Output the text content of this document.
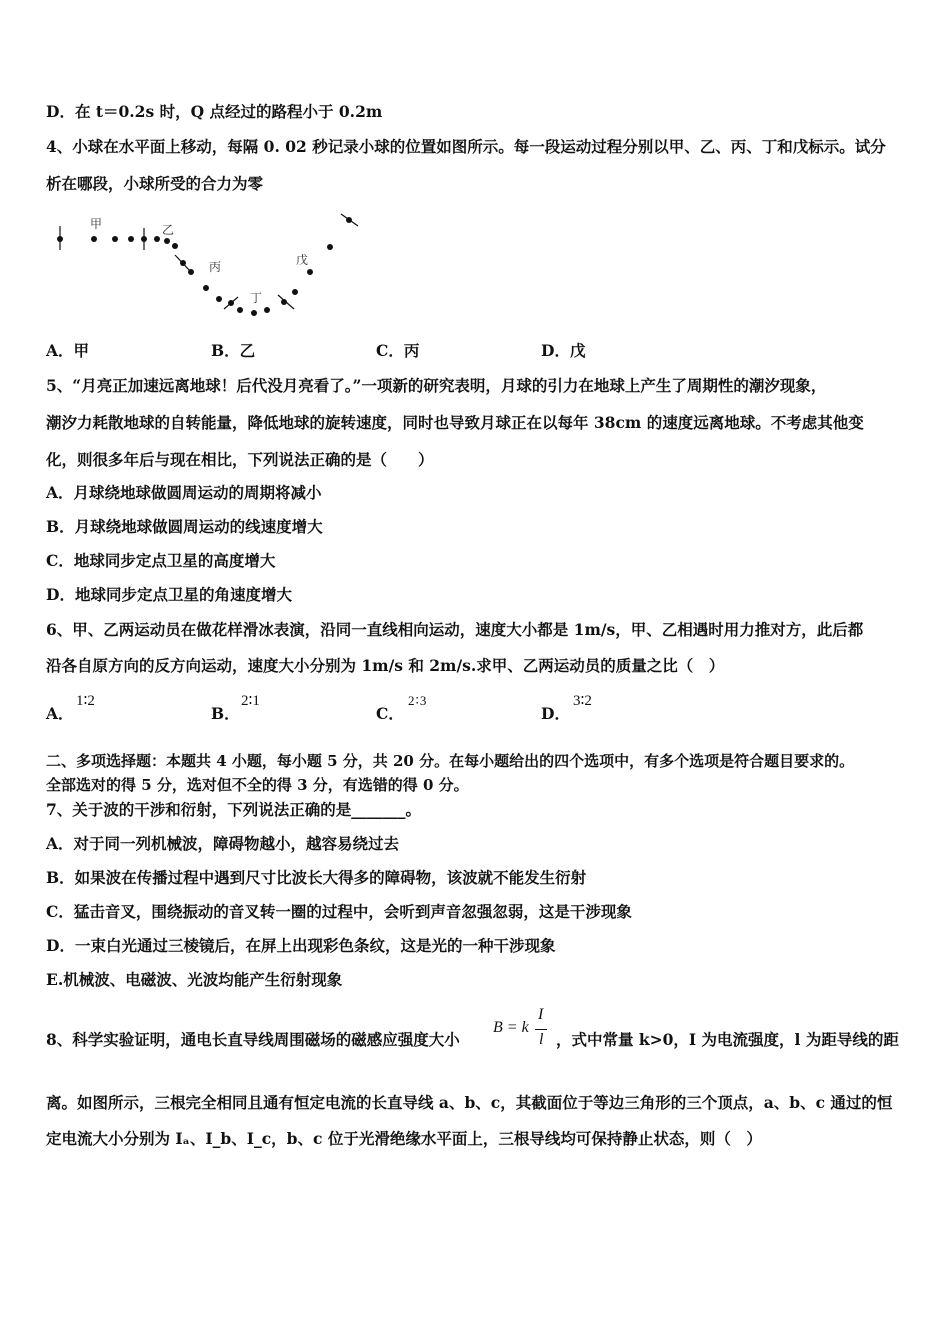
D．在 t＝0.2s 时，Q 点经过的路程小于 0.2m
4、小球在水平面上移动，每隔 0. 02 秒记录小球的位置如图所示。每一段运动过程分别以甲、乙、丙、丁和戊标示。试分
析在哪段，小球所受的合力为零
甲	乙
丙
丁
戊
A．甲	B．乙	C．丙	D．戊
5、“月亮正加速远离地球！后代没月亮看了。”一项新的研究表明，月球的引力在地球上产生了周期性的潮汐现象，
潮汐力耗散地球的自转能量，降低地球的旋转速度，同时也导致月球正在以每年 38cm 的速度远离地球。不考虑其他变
化，则很多年后与现在相比，下列说法正确的是（　　）
A．月球绕地球做圆周运动的周期将减小
B．月球绕地球做圆周运动的线速度增大
C．地球同步定点卫星的高度增大
D．地球同步定点卫星的角速度增大
6、甲、乙两运动员在做花样滑冰表演，沿同一直线相向运动，速度大小都是 1m/s，甲、乙相遇时用力推对方，此后都
沿各自原方向的反方向运动，速度大小分别为 1m/s 和 2m/s.求甲、乙两运动员的质量之比（　）
A．
1∶2
B．
2∶1
C．
2∶3
D．
3∶2
二、多项选择题：本题共 4 小题，每小题 5 分，共 20 分。在每小题给出的四个选项中，有多个选项是符合题目要求的。
全部选对的得 5 分，选对但不全的得 3 分，有选错的得 0 分。
7、关于波的干涉和衍射，下列说法正确的是_______。
A．对于同一列机械波，障碍物越小，越容易绕过去
B．如果波在传播过程中遇到尺寸比波长大得多的障碍物，该波就不能发生衍射
C．猛击音叉，围绕振动的音叉转一圈的过程中，会听到声音忽强忽弱，这是干涉现象
D．一束白光通过三棱镜后，在屏上出现彩色条纹，这是光的一种干涉现象
E.机械波、电磁波、光波均能产生衍射现象
8、科学实验证明，通电长直导线周围磁场的磁感应强度大小
B = k
I
l ，式中常量 k>0，I 为电流强度，l 为距导线的距
离。如图所示，三根完全相同且通有恒定电流的长直导线 a、b、c，其截面位于等边三角形的三个顶点，a、b、c 通过的恒
定电流大小分别为 Iₐ、I_b、I_c，b、c 位于光滑绝缘水平面上，三根导线均可保持静止状态，则（　）
